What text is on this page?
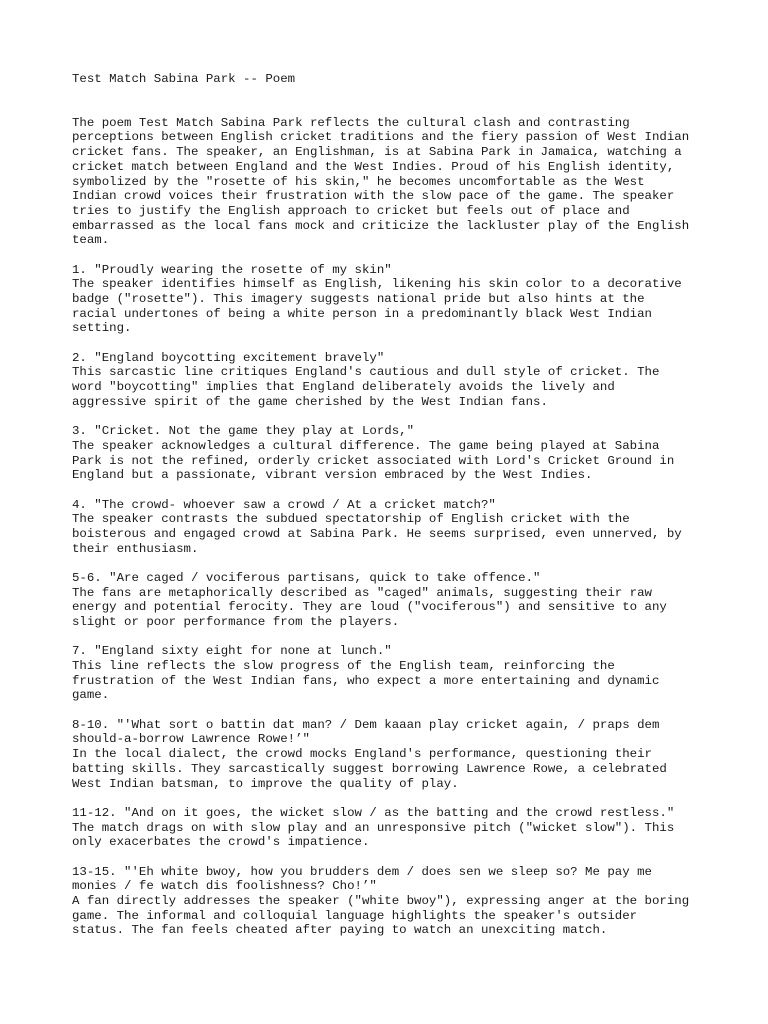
Test Match Sabina Park -- Poem

The poem Test Match Sabina Park reflects the cultural clash and contrasting
perceptions between English cricket traditions and the fiery passion of West Indian
cricket fans. The speaker, an Englishman, is at Sabina Park in Jamaica, watching a
cricket match between England and the West Indies. Proud of his English identity,
symbolized by the "rosette of his skin," he becomes uncomfortable as the West
Indian crowd voices their frustration with the slow pace of the game. The speaker
tries to justify the English approach to cricket but feels out of place and
embarrassed as the local fans mock and criticize the lackluster play of the English
team.

1. "Proudly wearing the rosette of my skin"
The speaker identifies himself as English, likening his skin color to a decorative
badge ("rosette"). This imagery suggests national pride but also hints at the
racial undertones of being a white person in a predominantly black West Indian
setting.
2. "England boycotting excitement bravely"
This sarcastic line critiques England's cautious and dull style of cricket. The
word "boycotting" implies that England deliberately avoids the lively and
aggressive spirit of the game cherished by the West Indian fans.
3. "Cricket. Not the game they play at Lords,"
The speaker acknowledges a cultural difference. The game being played at Sabina
Park is not the refined, orderly cricket associated with Lord's Cricket Ground in
England but a passionate, vibrant version embraced by the West Indies.
4. "The crowd- whoever saw a crowd / At a cricket match?"
The speaker contrasts the subdued spectatorship of English cricket with the
boisterous and engaged crowd at Sabina Park. He seems surprised, even unnerved, by
their enthusiasm.
5-6. "Are caged / vociferous partisans, quick to take offence."
The fans are metaphorically described as "caged" animals, suggesting their raw
energy and potential ferocity. They are loud ("vociferous") and sensitive to any
slight or poor performance from the players.
7. "England sixty eight for none at lunch."
This line reflects the slow progress of the English team, reinforcing the
frustration of the West Indian fans, who expect a more entertaining and dynamic
game.
8-10. "'What sort o battin dat man? / Dem kaaan play cricket again, / praps dem
should-a-borrow Lawrence Rowe!’"
In the local dialect, the crowd mocks England's performance, questioning their
batting skills. They sarcastically suggest borrowing Lawrence Rowe, a celebrated
West Indian batsman, to improve the quality of play.
11-12. "And on it goes, the wicket slow / as the batting and the crowd restless."
The match drags on with slow play and an unresponsive pitch ("wicket slow"). This
only exacerbates the crowd's impatience.
13-15. "'Eh white bwoy, how you brudders dem / does sen we sleep so? Me pay me
monies / fe watch dis foolishness? Cho!’"
A fan directly addresses the speaker ("white bwoy"), expressing anger at the boring
game. The informal and colloquial language highlights the speaker's outsider
status. The fan feels cheated after paying to watch an unexciting match.
